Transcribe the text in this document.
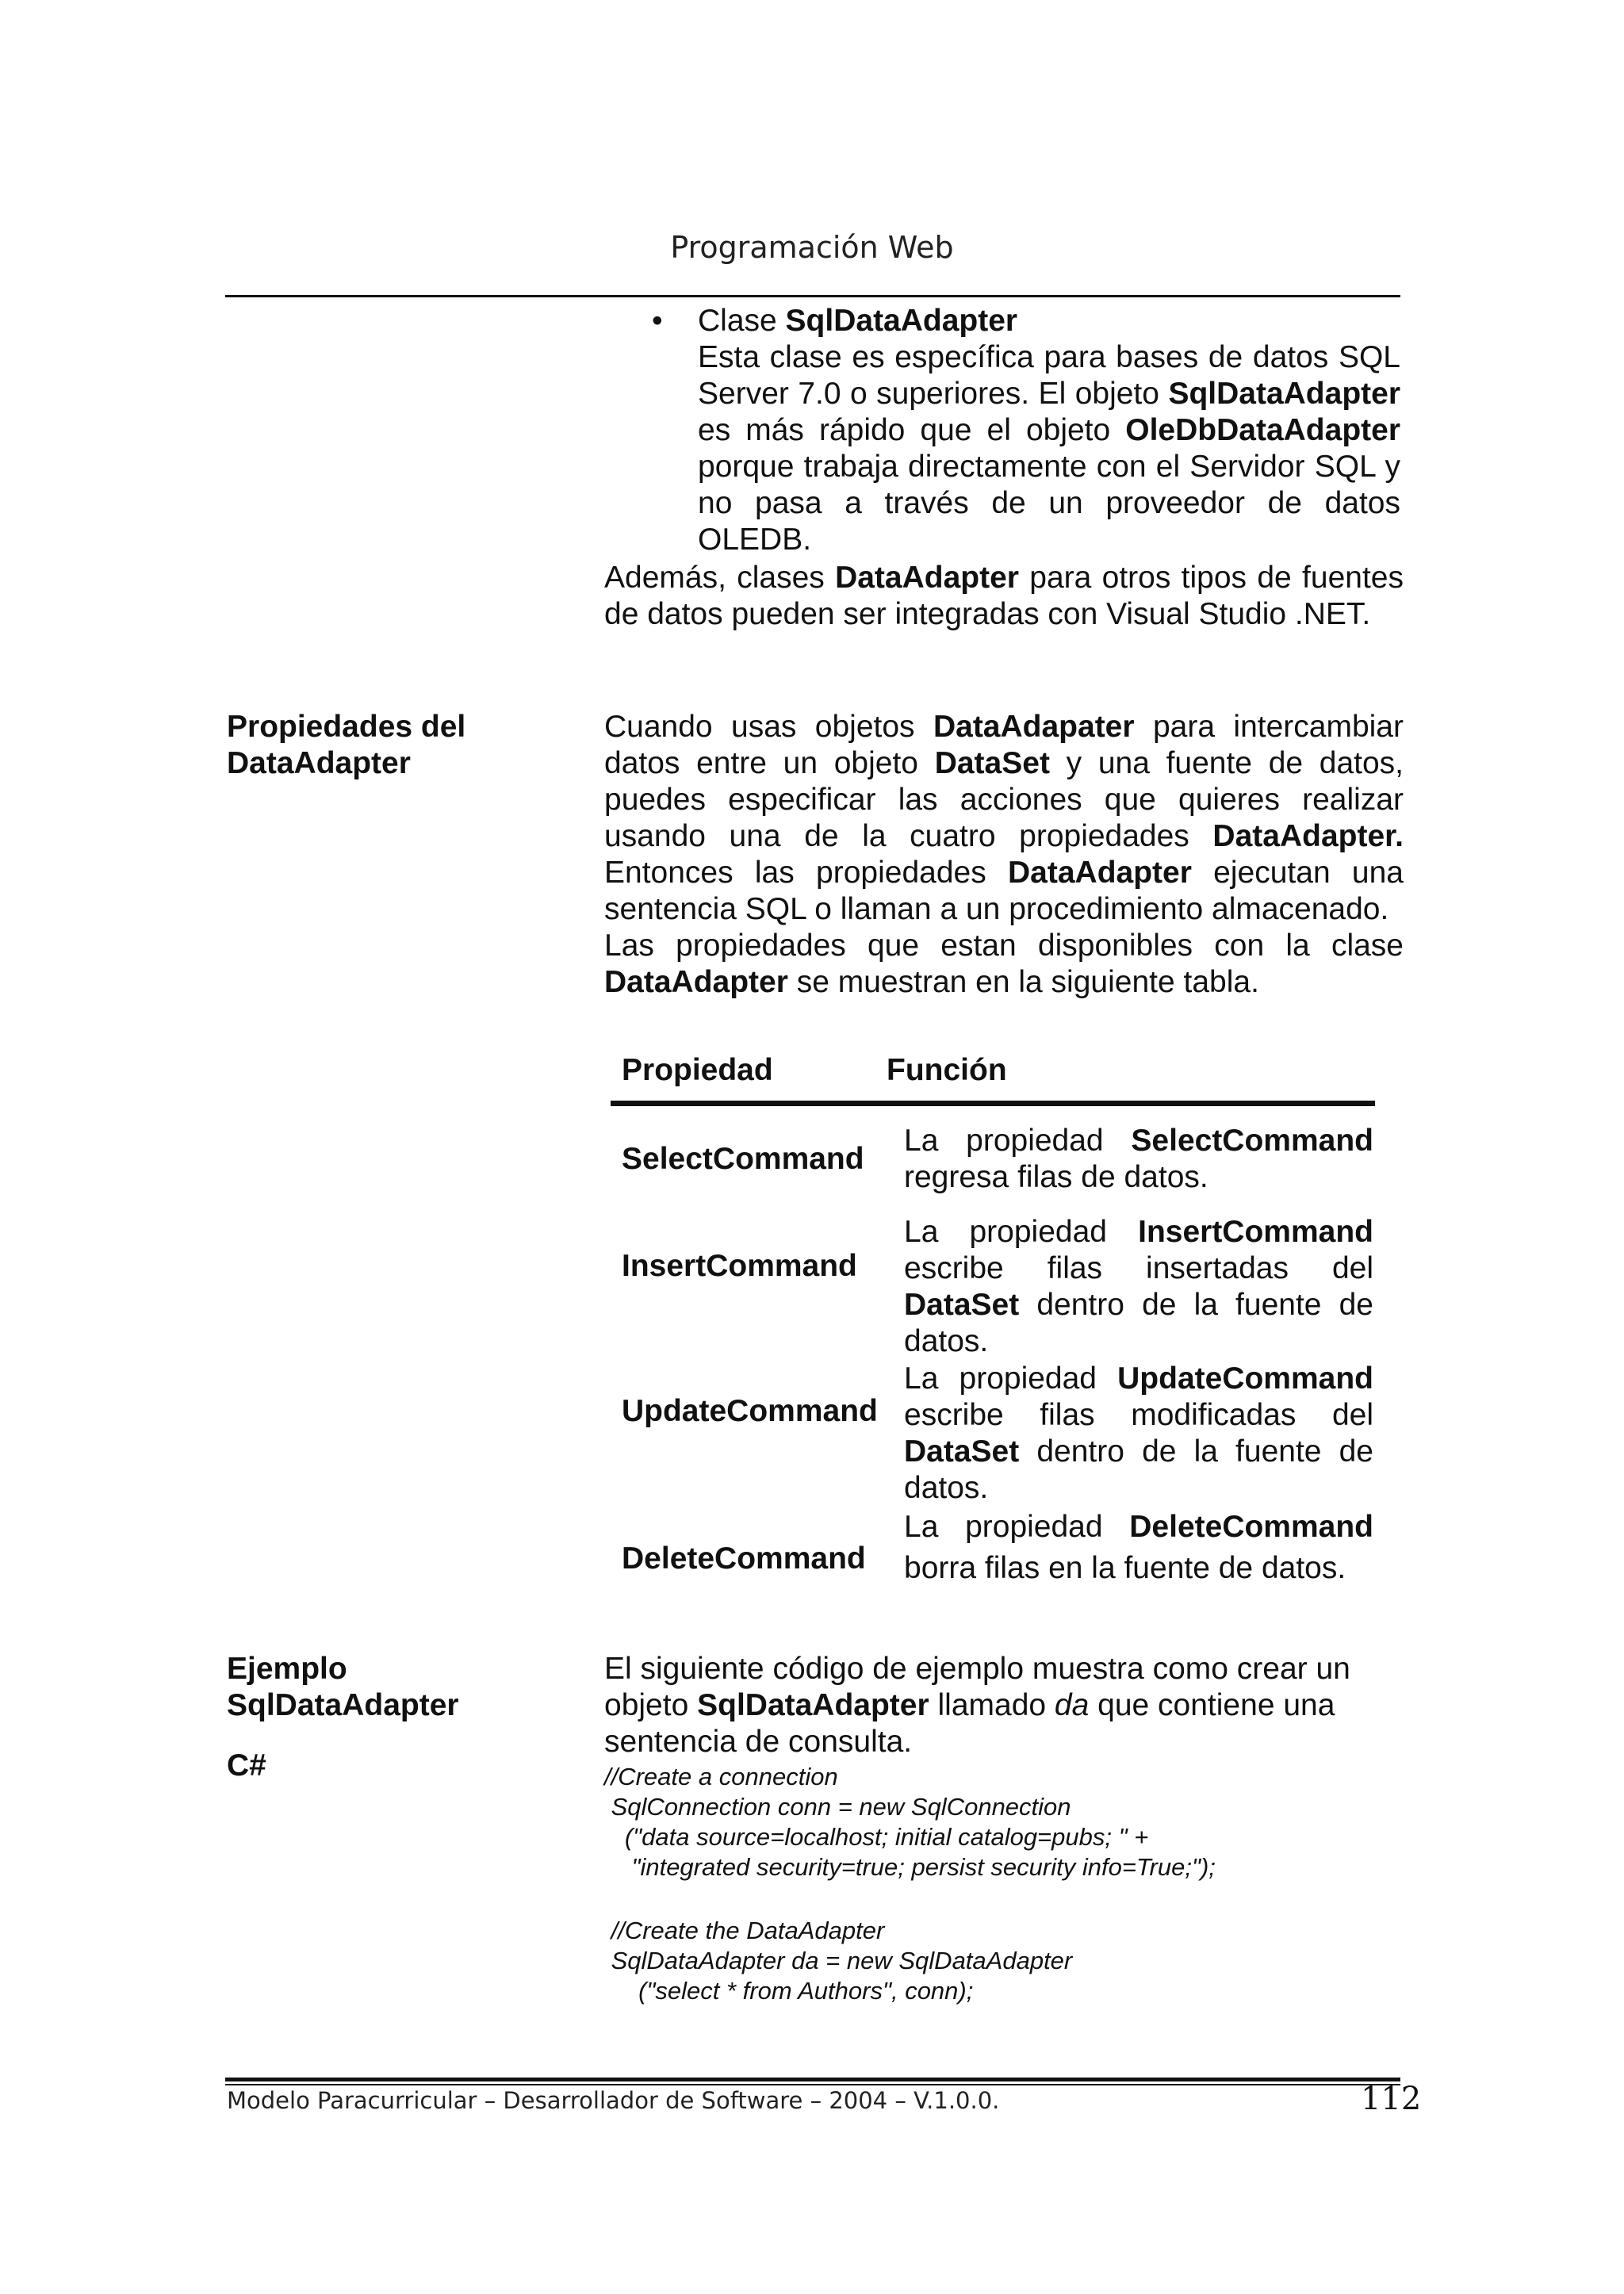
Programación Web
• Clase SqlDataAdapter
Esta clase es específica para bases de datos SQL Server 7.0 o superiores. El objeto SqlDataAdapter es más rápido que el objeto OleDbDataAdapter porque trabaja directamente con el Servidor SQL y no pasa a través de un proveedor de datos OLEDB.
Además, clases DataAdapter para otros tipos de fuentes de datos pueden ser integradas con Visual Studio .NET.
Propiedades del
DataAdapter
Cuando usas objetos DataAdapater para intercambiar datos entre un objeto DataSet y una fuente de datos, puedes especificar las acciones que quieres realizar usando una de la cuatro propiedades DataAdapter. Entonces las propiedades DataAdapter ejecutan una sentencia SQL o llaman a un procedimiento almacenado.
Las propiedades que estan disponibles con la clase DataAdapter se muestran en la siguiente tabla.
Propiedad	Función
SelectCommand
La propiedad SelectCommand regresa filas de datos.
InsertCommand
La propiedad InsertCommand escribe filas insertadas del DataSet dentro de la fuente de datos.
UpdateCommand
La propiedad UpdateCommand escribe filas modificadas del DataSet dentro de la fuente de datos.
DeleteCommand
La propiedad DeleteCommand borra filas en la fuente de datos.
Ejemplo
SqlDataAdapter
C#
El siguiente código de ejemplo muestra como crear un objeto SqlDataAdapter llamado da que contiene una sentencia de consulta.
//Create a connection
SqlConnection conn = new SqlConnection
("data source=localhost; initial catalog=pubs; " +
"integrated security=true; persist security info=True;");
//Create the DataAdapter
SqlDataAdapter da = new SqlDataAdapter
("select * from Authors", conn);
Modelo Paracurricular – Desarrollador de Software – 2004 – V.1.0.0.	112
